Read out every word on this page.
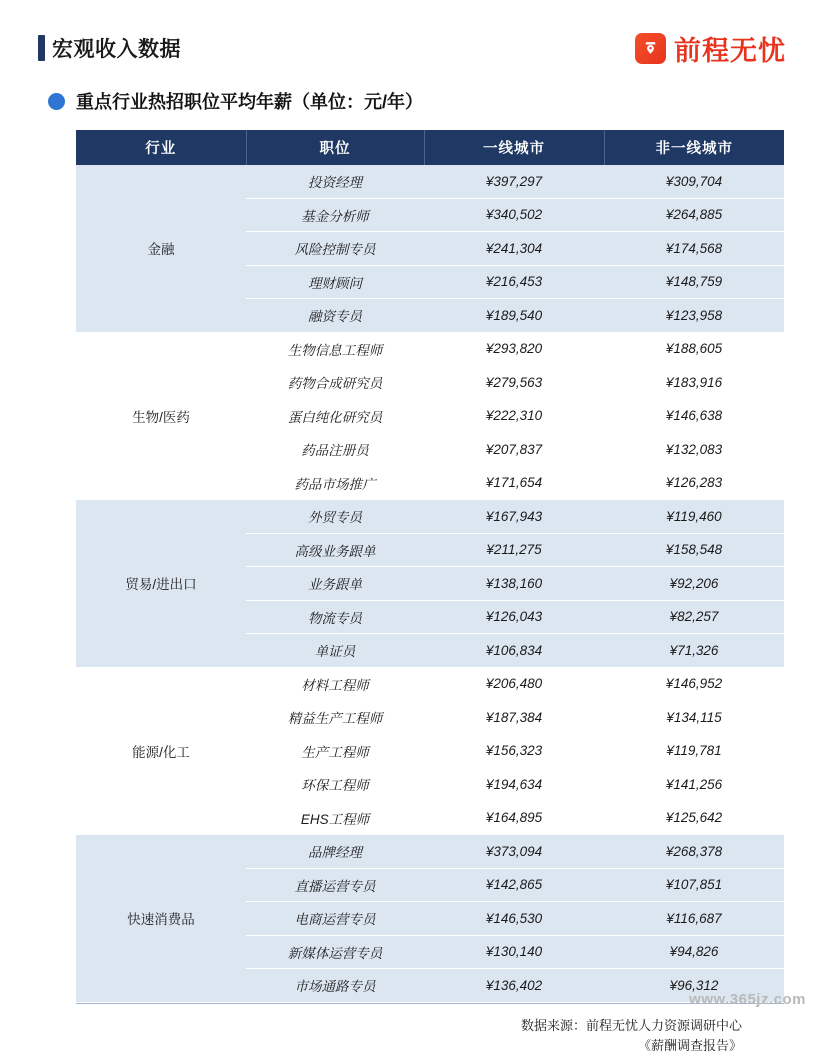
宏观收入数据	前程无忧
重点行业热招职位平均年薪（单位：元/年）
行业	职位	一线城市	非一线城市
金融	投资经理	¥397,297	¥309,704
	基金分析师	¥340,502	¥264,885
	风险控制专员	¥241,304	¥174,568
	理财顾问	¥216,453	¥148,759
	融资专员	¥189,540	¥123,958
生物/医药	生物信息工程师	¥293,820	¥188,605
	药物合成研究员	¥279,563	¥183,916
	蛋白纯化研究员	¥222,310	¥146,638
	药品注册员	¥207,837	¥132,083
	药品市场推广	¥171,654	¥126,283
贸易/进出口	外贸专员	¥167,943	¥119,460
	高级业务跟单	¥211,275	¥158,548
	业务跟单	¥138,160	¥92,206
	物流专员	¥126,043	¥82,257
	单证员	¥106,834	¥71,326
能源/化工	材料工程师	¥206,480	¥146,952
	精益生产工程师	¥187,384	¥134,115
	生产工程师	¥156,323	¥119,781
	环保工程师	¥194,634	¥141,256
	EHS工程师	¥164,895	¥125,642
快速消费品	品牌经理	¥373,094	¥268,378
	直播运营专员	¥142,865	¥107,851
	电商运营专员	¥146,530	¥116,687
	新媒体运营专员	¥130,140	¥94,826
	市场通路专员	¥136,402	¥96,312
数据来源：前程无忧人力资源调研中心
《薪酬调查报告》
www.365jz.com
